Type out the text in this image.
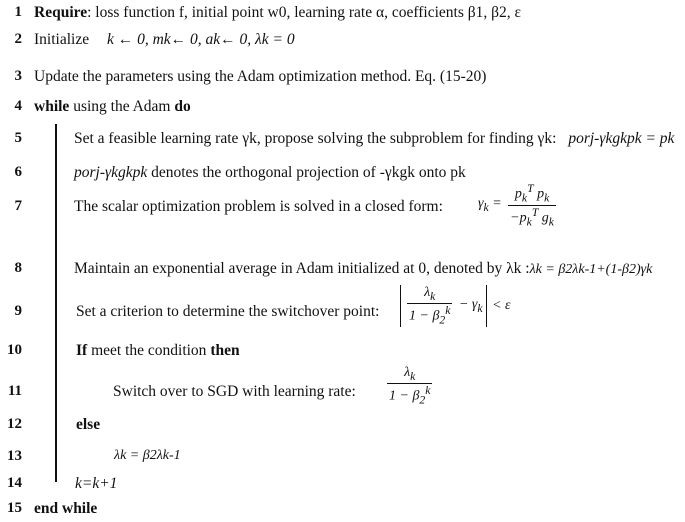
1 Require: loss function f, initial point w0, learning rate α, coefficients β1, β2, ε
2 Initialize k ← 0, mk← 0, ak← 0, λk = 0
3 Update the parameters using the Adam optimization method. Eq. (15-20)
4 while using the Adam do
5	Set a feasible learning rate γk, propose solving the subproblem for finding γk: porj-γkgkpk = pk
6	porj-γkgkpk denotes the orthogonal projection of -γkgk onto pk
7	The scalar optimization problem is solved in a closed form:	$\gamma_k = \frac{p_k^T p_k}{-p_k^T g_k}$
8	Maintain an exponential average in Adam initialized at 0, denoted by λk :λk = β2λk-1+(1-β2)γk
9	Set a criterion to determine the switchover point: $\frac{\lambda_k}{1 - \beta_2^k} - \gamma_k < \varepsilon$
10	If meet the condition then
11	Switch over to SGD with learning rate: $\frac{\lambda_k}{1 - \beta_2^k}$
12	else
13	λk = β2λk-1
14	k=k+1
15 end while
